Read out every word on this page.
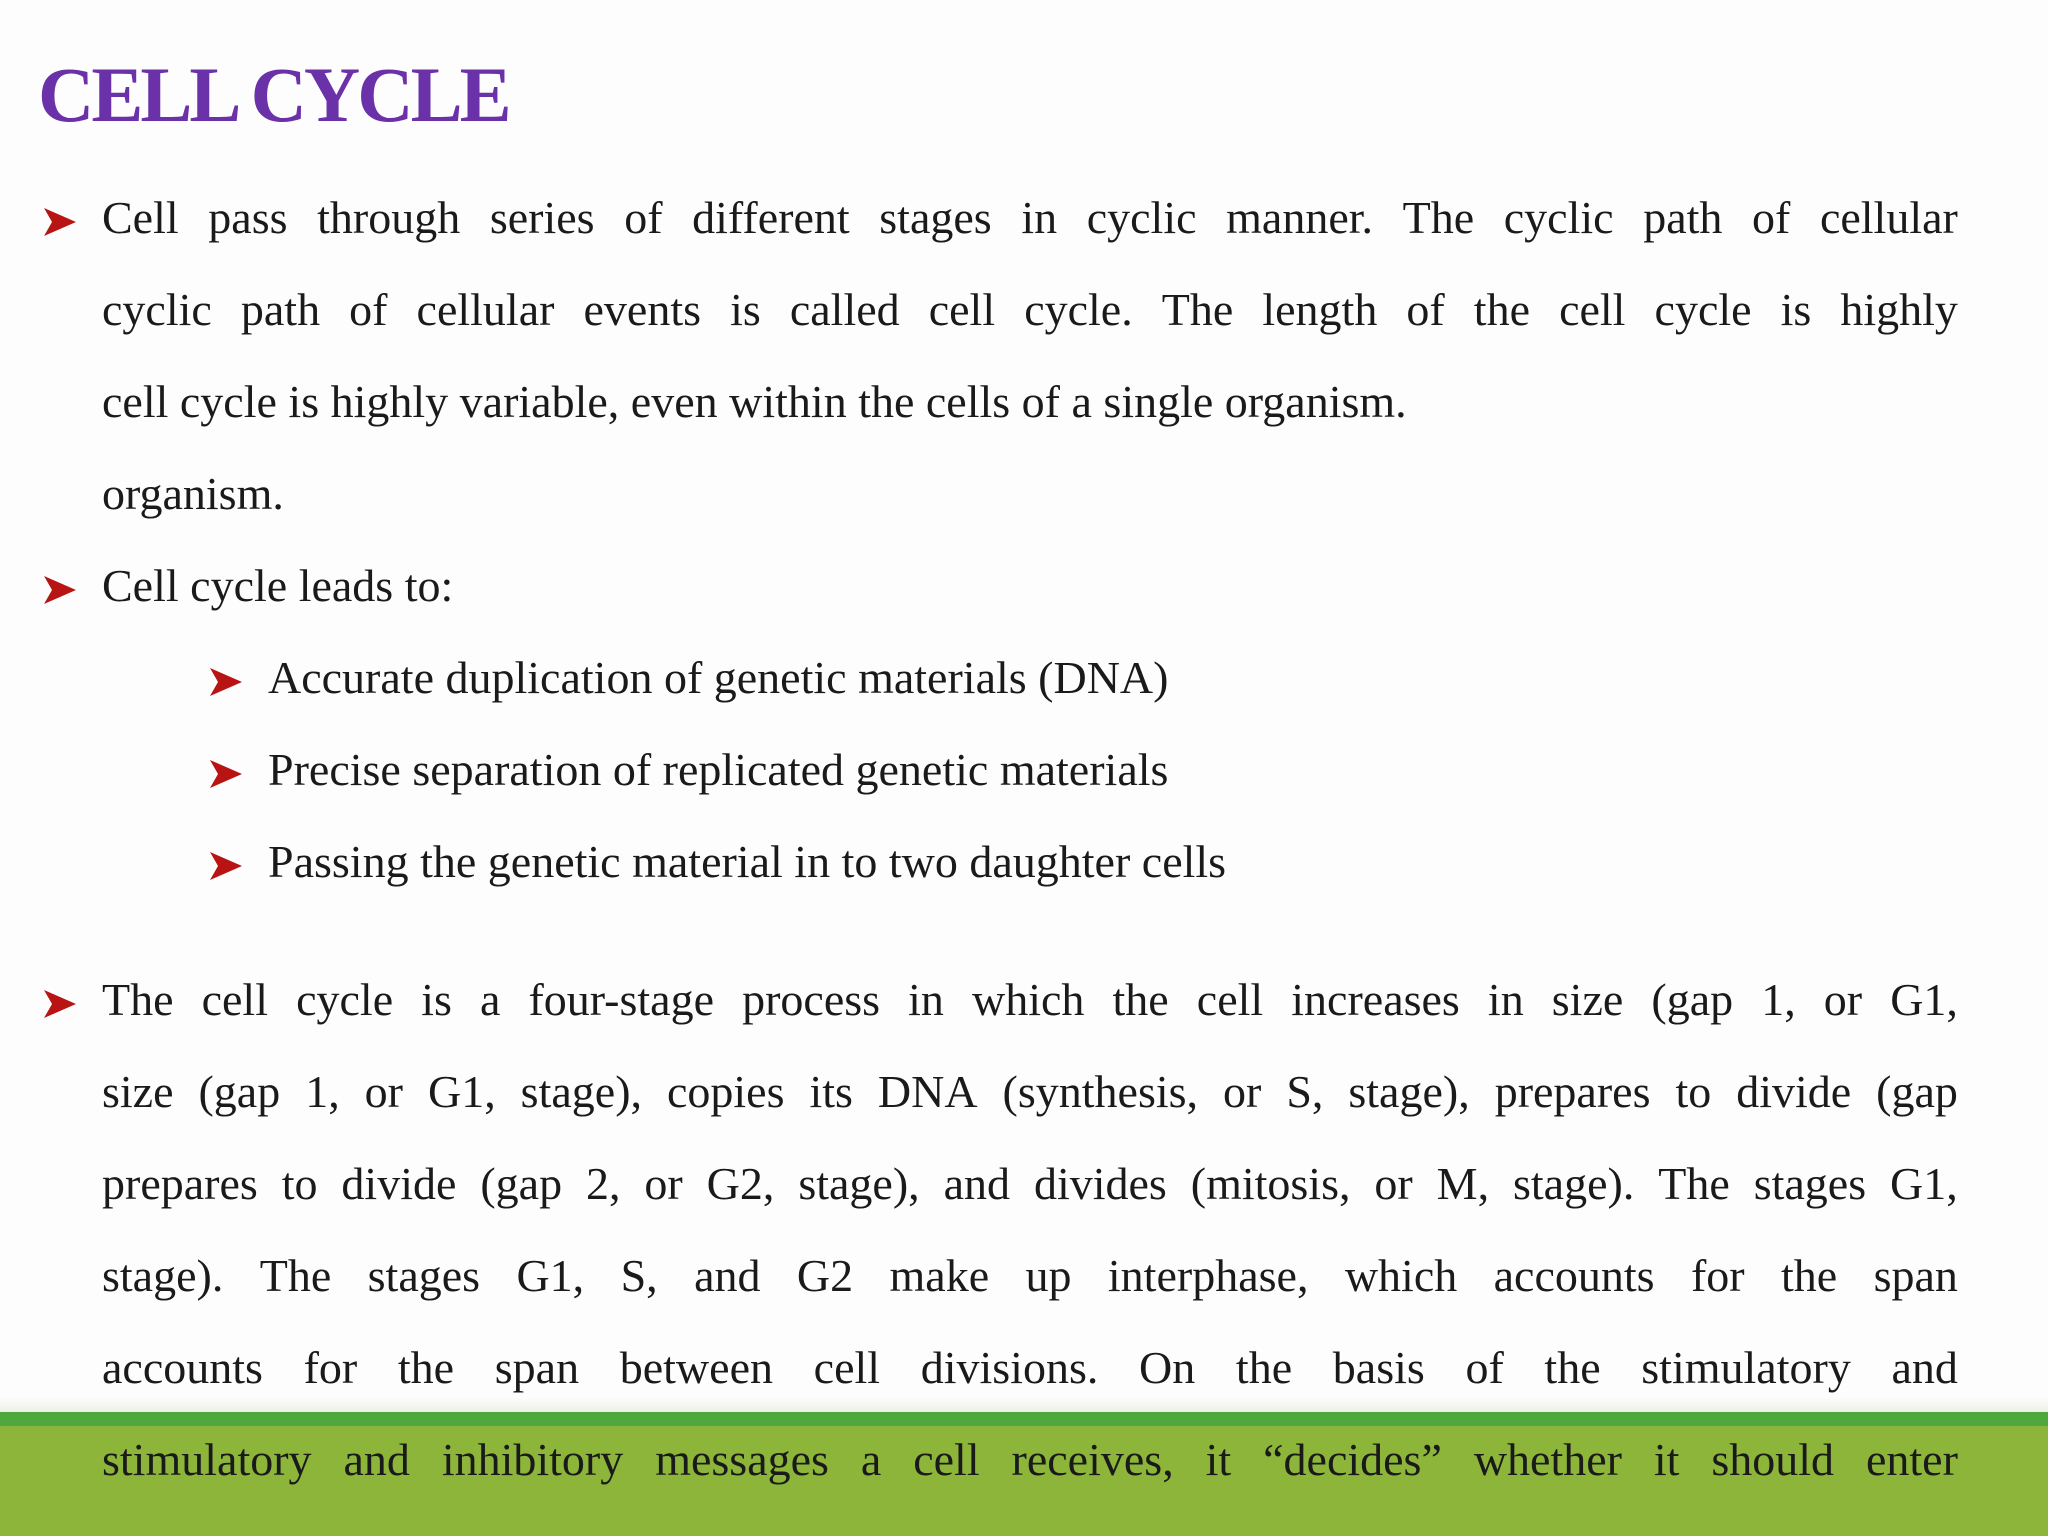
CELL CYCLE
Cell pass through series of different stages in cyclic manner. The cyclic path of cellular
cyclic path of cellular events is called cell cycle. The length of the cell cycle is highly
cell cycle is highly variable, even within the cells of a single organism.
organism.
Cell cycle leads to:
Accurate duplication of genetic materials (DNA)
Precise separation of replicated genetic materials
Passing the genetic material in to two daughter cells
The cell cycle is a four-stage process in which the cell increases in size (gap 1, or G1,
size (gap 1, or G1, stage), copies its DNA (synthesis, or S, stage), prepares to divide (gap
prepares to divide (gap 2, or G2, stage), and divides (mitosis, or M, stage). The stages G1,
stage). The stages G1, S, and G2 make up interphase, which accounts for the span
accounts for the span between cell divisions. On the basis of the stimulatory and
stimulatory and inhibitory messages a cell receives, it “decides” whether it should enter
